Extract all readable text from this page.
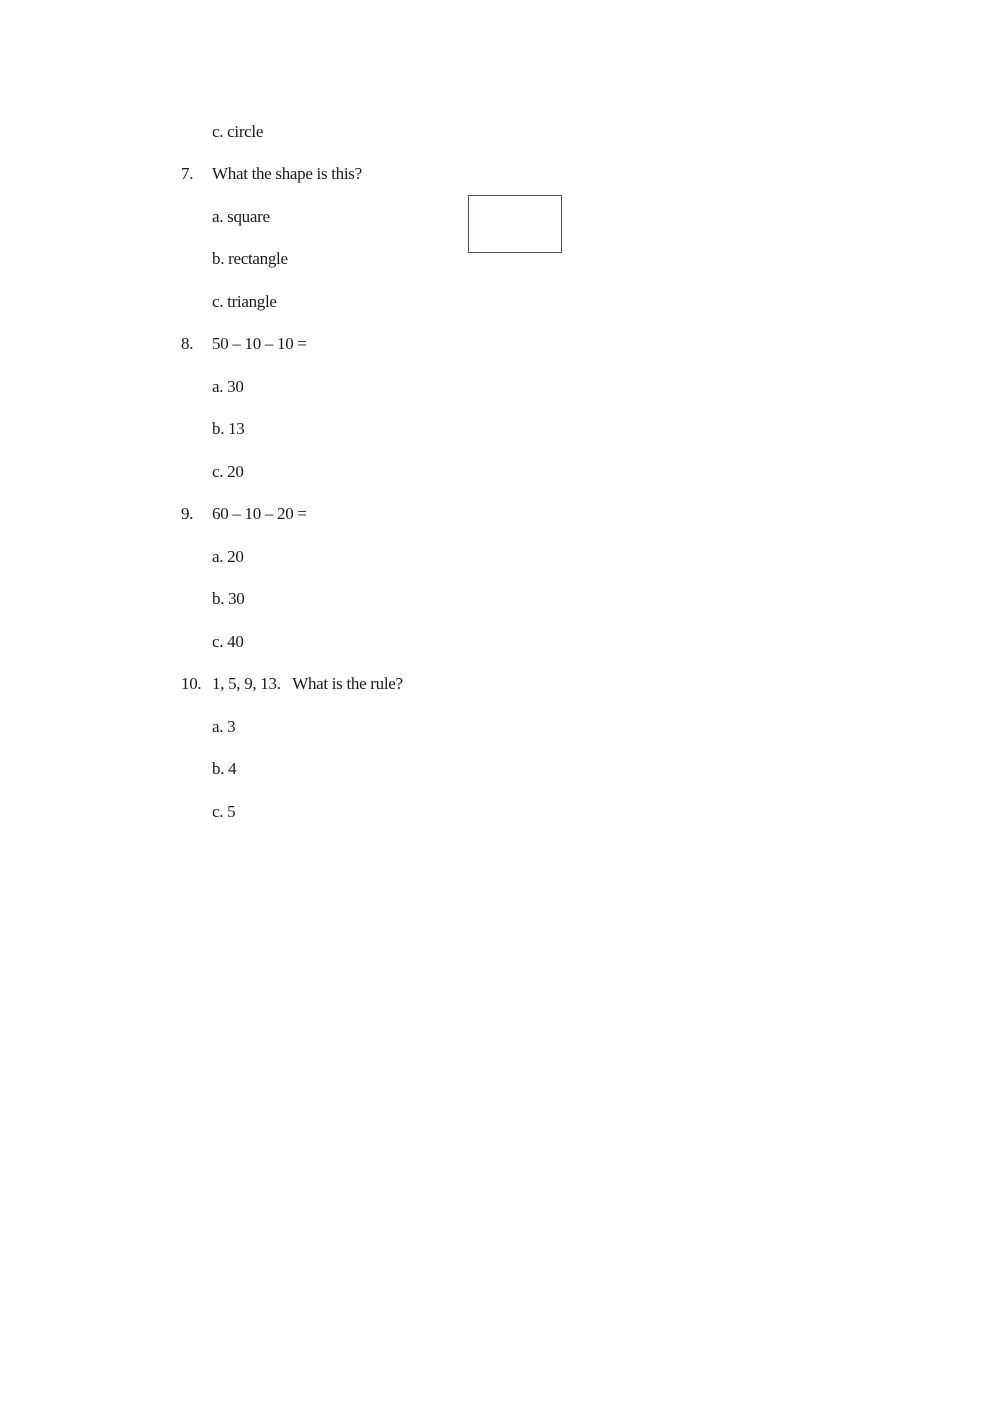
c. circle
7. What the shape is this?
a. square
b. rectangle
c. triangle
8. 50 – 10 – 10 =
a. 30
b. 13
c. 20
9. 60 – 10 – 20 =
a. 20
b. 30
c. 40
10. 1, 5, 9, 13.   What is the rule?
a. 3
b. 4
c. 5
